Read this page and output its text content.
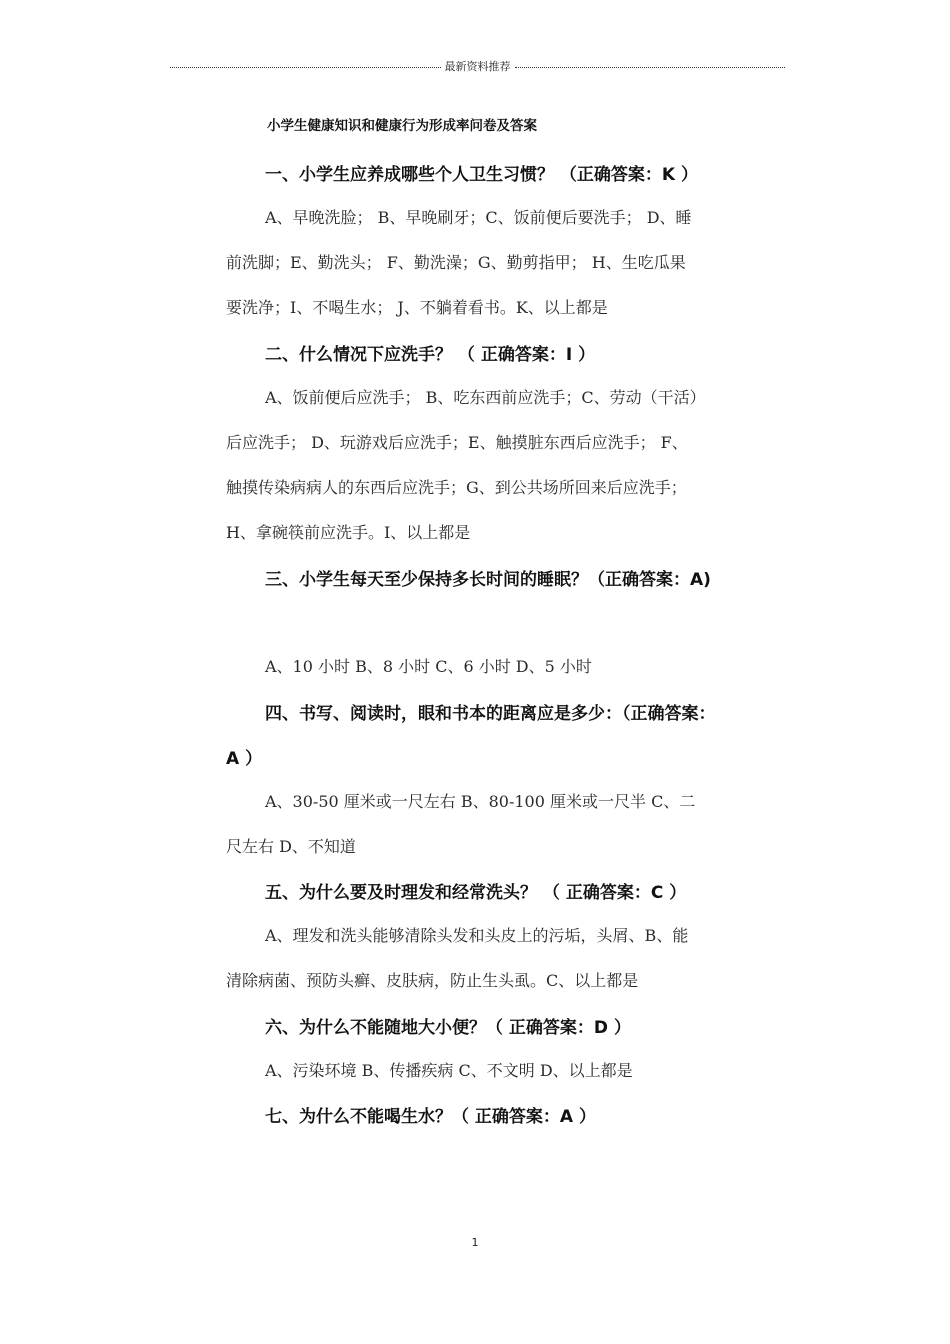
最新资料推荐
小学生健康知识和健康行为形成率问卷及答案
一、小学生应养成哪些个人卫生习惯？ （正确答案：K ）
A、早晚洗脸； B、早晚刷牙；C、饭前便后要洗手； D、睡
前洗脚；E、勤洗头； F、勤洗澡；G、勤剪指甲； H、生吃瓜果
要洗净；I、不喝生水； J、不躺着看书。K、以上都是
二、什么情况下应洗手？ （ 正确答案：I ）
A、饭前便后应洗手； B、吃东西前应洗手；C、劳动（干活）
后应洗手； D、玩游戏后应洗手；E、触摸脏东西后应洗手； F、
触摸传染病病人的东西后应洗手；G、到公共场所回来后应洗手；
H、拿碗筷前应洗手。I、以上都是
三、小学生每天至少保持多长时间的睡眠？（正确答案：A)
A、10 小时 B、8 小时 C、6 小时 D、5 小时
四、书写、阅读时，眼和书本的距离应是多少：（正确答案：
A ）
A、30-50 厘米或一尺左右 B、80-100 厘米或一尺半 C、二
尺左右 D、不知道
五、为什么要及时理发和经常洗头？ （ 正确答案：C ）
A、理发和洗头能够清除头发和头皮上的污垢，头屑、B、能
清除病菌、预防头癣、皮肤病，防止生头虱。C、以上都是
六、为什么不能随地大小便？（ 正确答案：D ）
A、污染环境 B、传播疾病 C、不文明 D、以上都是
七、为什么不能喝生水？（ 正确答案：A ）
1
